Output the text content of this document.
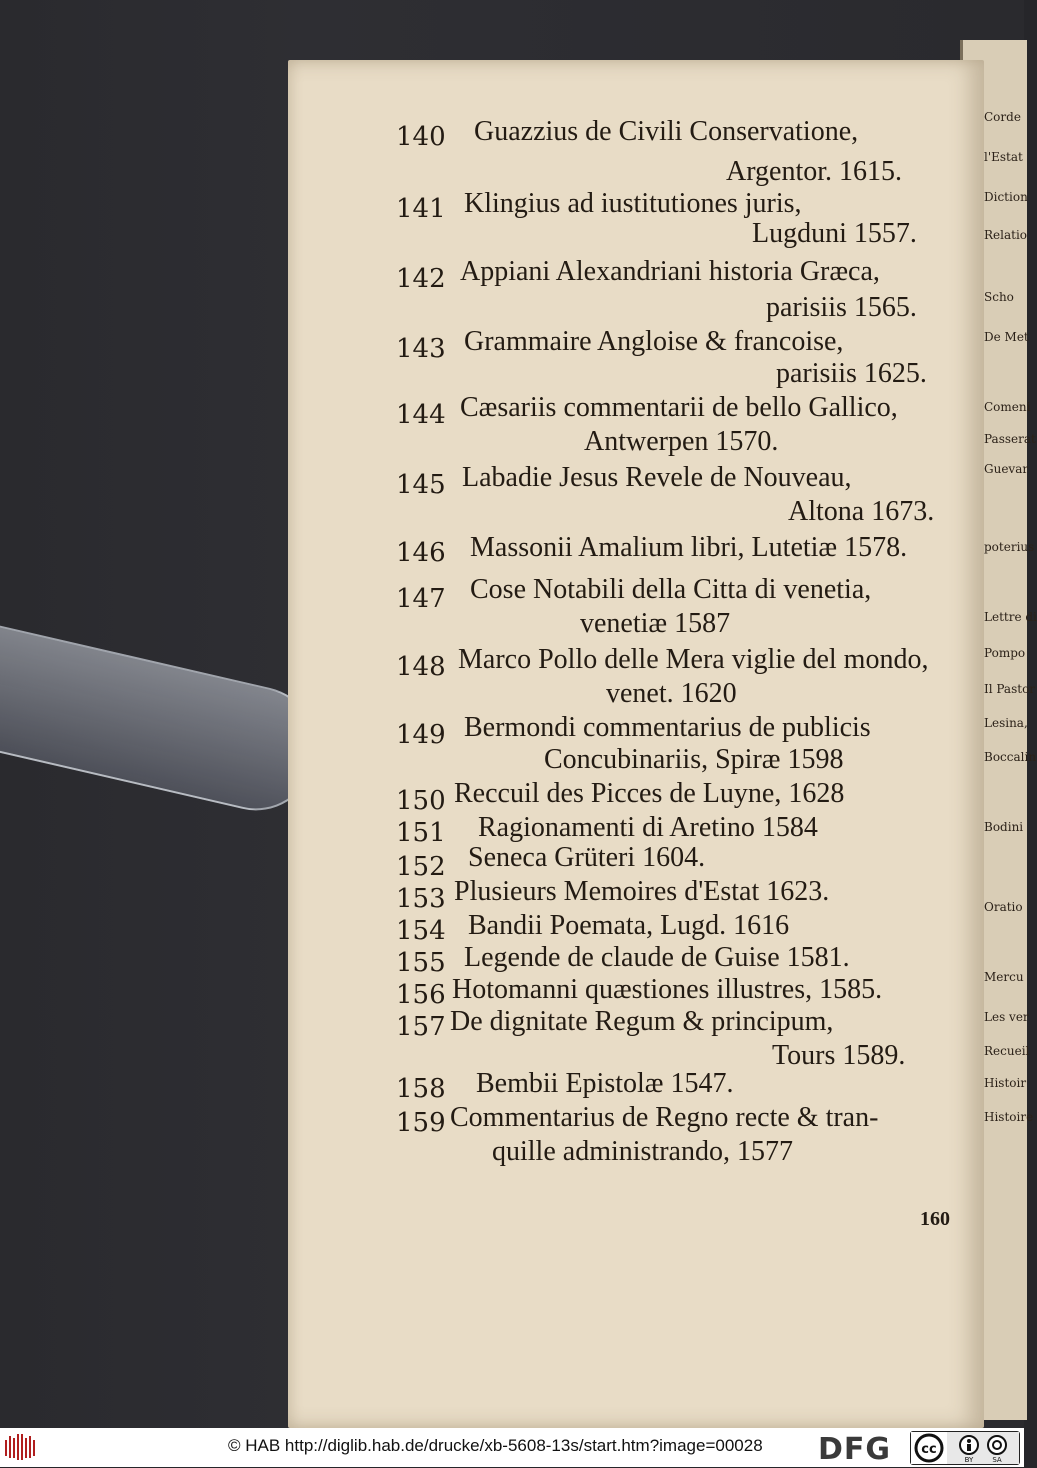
Corde
l'Estat
Diction
Relatio
Scho
De Met
Comeni
Passerat
Guevar
poterius
Lettre di
Pompo
Il Pastor
Lesina,
Boccalin
Bodini
Oratio
Mercu
Les ver
Recueil
Histoir
Histoire
140 Guazzius de Civili Conservatione,
Argentor. 1615.
141 Klingius ad iustitutiones juris,
Lugduni 1557.
142 Appiani Alexandriani historia Græca,
parisiis 1565.
143 Grammaire Angloise & francoise,
parisiis 1625.
144 Cæsariis commentarii de bello Gallico,
Antwerpen 1570.
145 Labadie Jesus Revele de Nouveau,
Altona 1673.
146 Massonii Amalium libri, Lutetiæ 1578.
147 Cose Notabili della Citta di venetia,
venetiæ 1587
148 Marco Pollo delle Mera viglie del mondo,
venet. 1620
149 Bermondi commentarius de publicis
Concubinariis, Spiræ 1598
150 Reccuil des Picces de Luyne, 1628
151 Ragionamenti di Aretino 1584
152 Seneca Grüteri 1604.
153 Plusieurs Memoires d'Estat 1623.
154 Bandii Poemata, Lugd. 1616
155 Legende de claude de Guise 1581.
156 Hotomanni quæstiones illustres, 1585.
157 De dignitate Regum & principum,
Tours 1589.
158 Bembii Epistolæ 1547.
159 Commentarius de Regno recte & tran-
quille administrando, 1577
160
© HAB http://diglib.hab.de/drucke/xb-5608-13s/start.htm?image=00028 DFG cc
BY	SA
